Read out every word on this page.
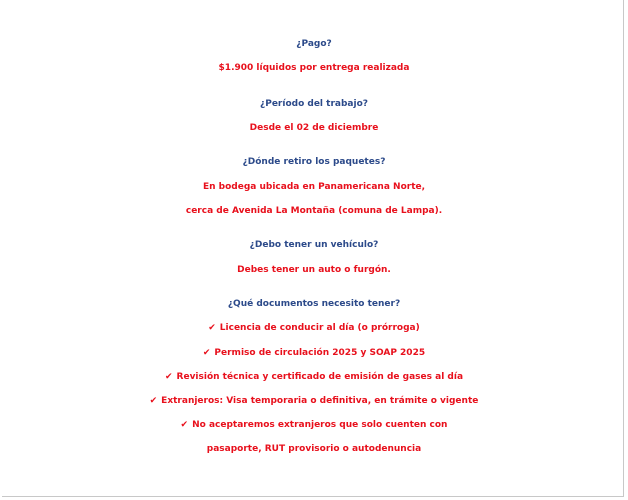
¿Pago?
$1.900 líquidos por entrega realizada
¿Período del trabajo?
Desde el 02 de diciembre
¿Dónde retiro los paquetes?
En bodega ubicada en Panamericana Norte,
cerca de Avenida La Montaña (comuna de Lampa).
¿Debo tener un vehículo?
Debes tener un auto o furgón.
¿Qué documentos necesito tener?
✔ Licencia de conducir al día (o prórroga)
✔ Permiso de circulación 2025 y SOAP 2025
✔ Revisión técnica y certificado de emisión de gases al día
✔ Extranjeros: Visa temporaria o definitiva, en trámite o vigente
✔ No aceptaremos extranjeros que solo cuenten con
pasaporte, RUT provisorio o autodenuncia
